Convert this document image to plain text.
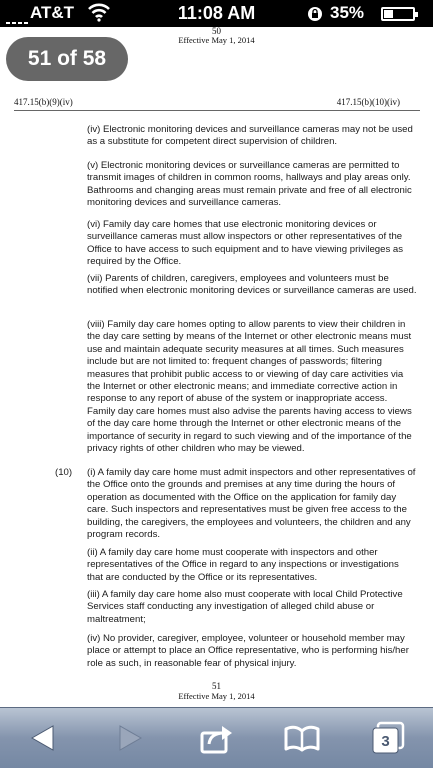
AT&T	11:08 AM	35%
51 of 58
50
Effective May 1, 2014
417.15(b)(9)(iv)	417.15(b)(10)(iv)

(iv) Electronic monitoring devices and surveillance cameras may not be used as a substitute for competent direct supervision of children.

(v) Electronic monitoring devices or surveillance cameras are permitted to transmit images of children in common rooms, hallways and play areas only. Bathrooms and changing areas must remain private and free of all electronic monitoring devices and surveillance cameras.

(vi) Family day care homes that use electronic monitoring devices or surveillance cameras must allow inspectors or other representatives of the Office to have access to such equipment and to have viewing privileges as required by the Office.

(vii) Parents of children, caregivers, employees and volunteers must be notified when electronic monitoring devices or surveillance cameras are used.

(viii) Family day care homes opting to allow parents to view their children in the day care setting by means of the Internet or other electronic means must use and maintain adequate security measures at all times. Such measures include but are not limited to: frequent changes of passwords; filtering measures that prohibit public access to or viewing of day care activities via the Internet or other electronic means; and immediate corrective action in response to any report of abuse of the system or inappropriate access. Family day care homes must also advise the parents having access to views of the day care home through the Internet or other electronic means of the importance of security in regard to such viewing and of the importance of the privacy rights of other children who may be viewed.

(10) (i) A family day care home must admit inspectors and other representatives of the Office onto the grounds and premises at any time during the hours of operation as documented with the Office on the application for family day care. Such inspectors and representatives must be given free access to the building, the caregivers, the employees and volunteers, the children and any program records.

(ii) A family day care home must cooperate with inspectors and other representatives of the Office in regard to any inspections or investigations that are conducted by the Office or its representatives.

(iii) A family day care home also must cooperate with local Child Protective Services staff conducting any investigation of alleged child abuse or maltreatment;

(iv) No provider, caregiver, employee, volunteer or household member may place or attempt to place an Office representative, who is performing his/her role as such, in reasonable fear of physical injury.

51
Effective May 1, 2014
3
